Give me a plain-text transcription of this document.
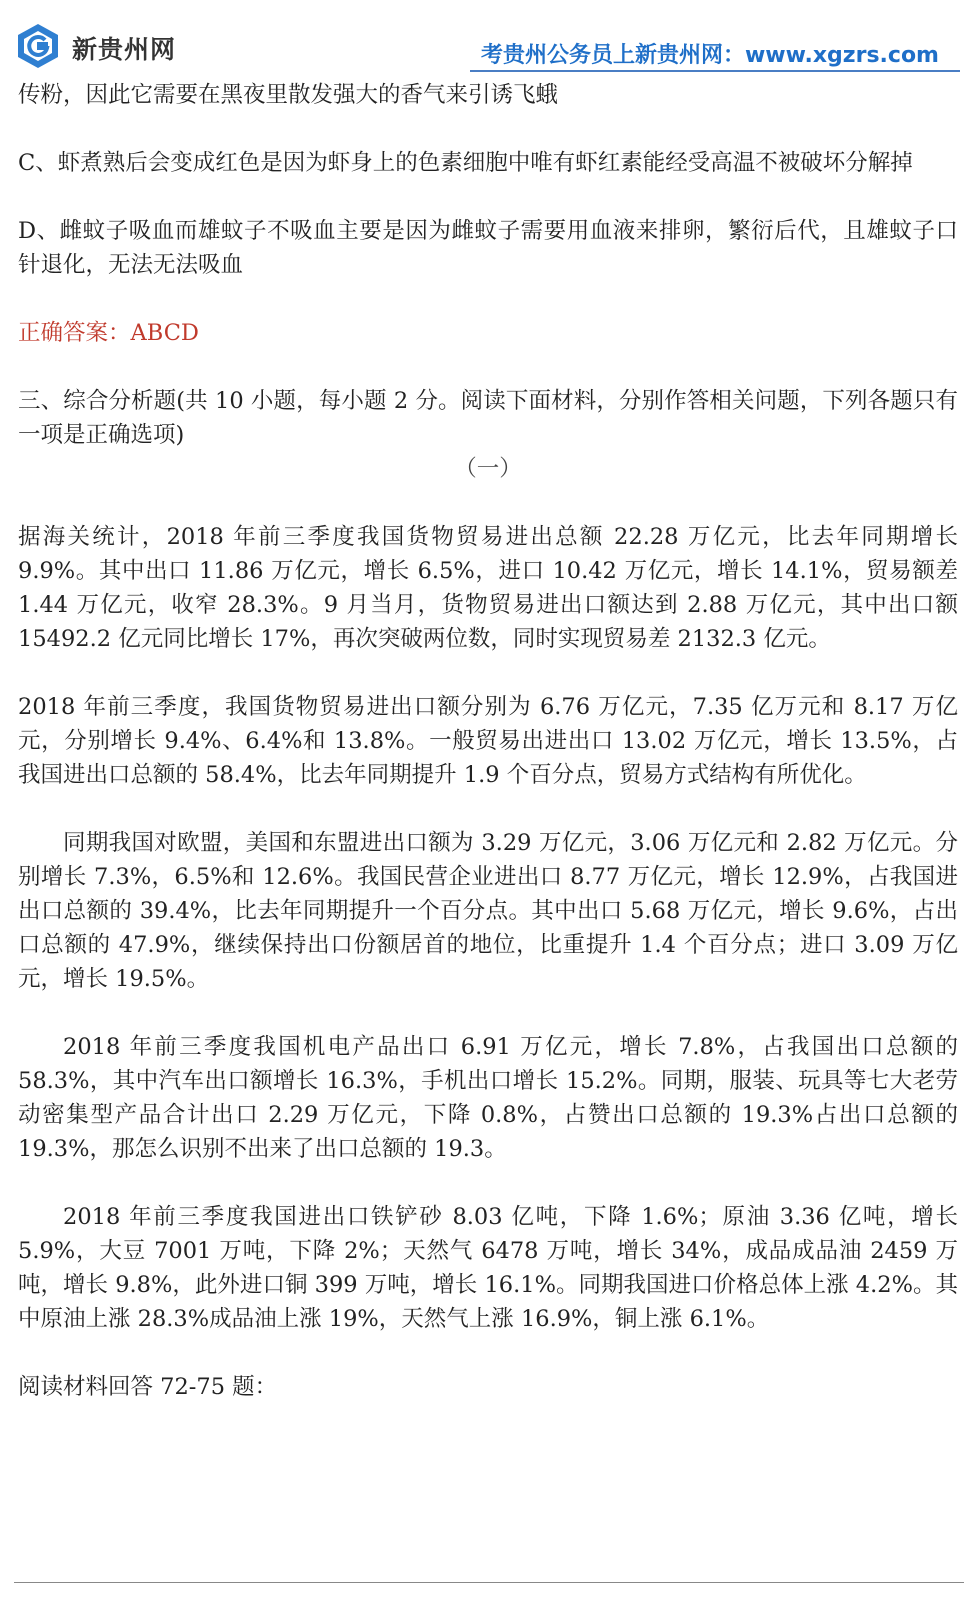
新贵州网	考贵州公务员上新贵州网：www.xgzrs.com

传粉，因此它需要在黑夜里散发强大的香气来引诱飞蛾

C、虾煮熟后会变成红色是因为虾身上的色素细胞中唯有虾红素能经受高温不被破坏分解掉

D、雌蚊子吸血而雄蚊子不吸血主要是因为雌蚊子需要用血液来排卵，繁衍后代，且雄蚊子口针退化，无法无法吸血

正确答案：ABCD

三、综合分析题(共 10 小题，每小题 2 分。阅读下面材料，分别作答相关问题，下列各题只有一项是正确选项)

（一）

据海关统计，2018 年前三季度我国货物贸易进出总额 22.28 万亿元，比去年同期增长 9.9%。其中出口 11.86 万亿元，增长 6.5%，进口 10.42 万亿元，增长 14.1%，贸易额差 1.44 万亿元，收窄 28.3%。9 月当月，货物贸易进出口额达到 2.88 万亿元，其中出口额 15492.2 亿元同比增长 17%，再次突破两位数，同时实现贸易差 2132.3 亿元。

2018 年前三季度，我国货物贸易进出口额分别为 6.76 万亿元，7.35 亿万元和 8.17 万亿元，分别增长 9.4%、6.4%和 13.8%。一般贸易出进出口 13.02 万亿元，增长 13.5%，占我国进出口总额的 58.4%，比去年同期提升 1.9 个百分点，贸易方式结构有所优化。

同期我国对欧盟，美国和东盟进出口额为 3.29 万亿元，3.06 万亿元和 2.82 万亿元。分别增长 7.3%，6.5%和 12.6%。我国民营企业进出口 8.77 万亿元，增长 12.9%，占我国进出口总额的 39.4%，比去年同期提升一个百分点。其中出口 5.68 万亿元，增长 9.6%，占出口总额的 47.9%，继续保持出口份额居首的地位，比重提升 1.4 个百分点；进口 3.09 万亿元，增长 19.5%。

2018 年前三季度我国机电产品出口 6.91 万亿元，增长 7.8%，占我国出口总额的 58.3%，其中汽车出口额增长 16.3%，手机出口增长 15.2%。同期，服装、玩具等七大老劳动密集型产品合计出口 2.29 万亿元，下降 0.8%，占赞出口总额的 19.3%占出口总额的 19.3%，那怎么识别不出来了出口总额的 19.3。

2018 年前三季度我国进出口铁铲砂 8.03 亿吨，下降 1.6%；原油 3.36 亿吨，增长 5.9%，大豆 7001 万吨，下降 2%；天然气 6478 万吨，增长 34%，成品成品油 2459 万吨，增长 9.8%，此外进口铜 399 万吨，增长 16.1%。同期我国进口价格总体上涨 4.2%。其中原油上涨 28.3%成品油上涨 19%，天然气上涨 16.9%，铜上涨 6.1%。

阅读材料回答 72-75 题：
